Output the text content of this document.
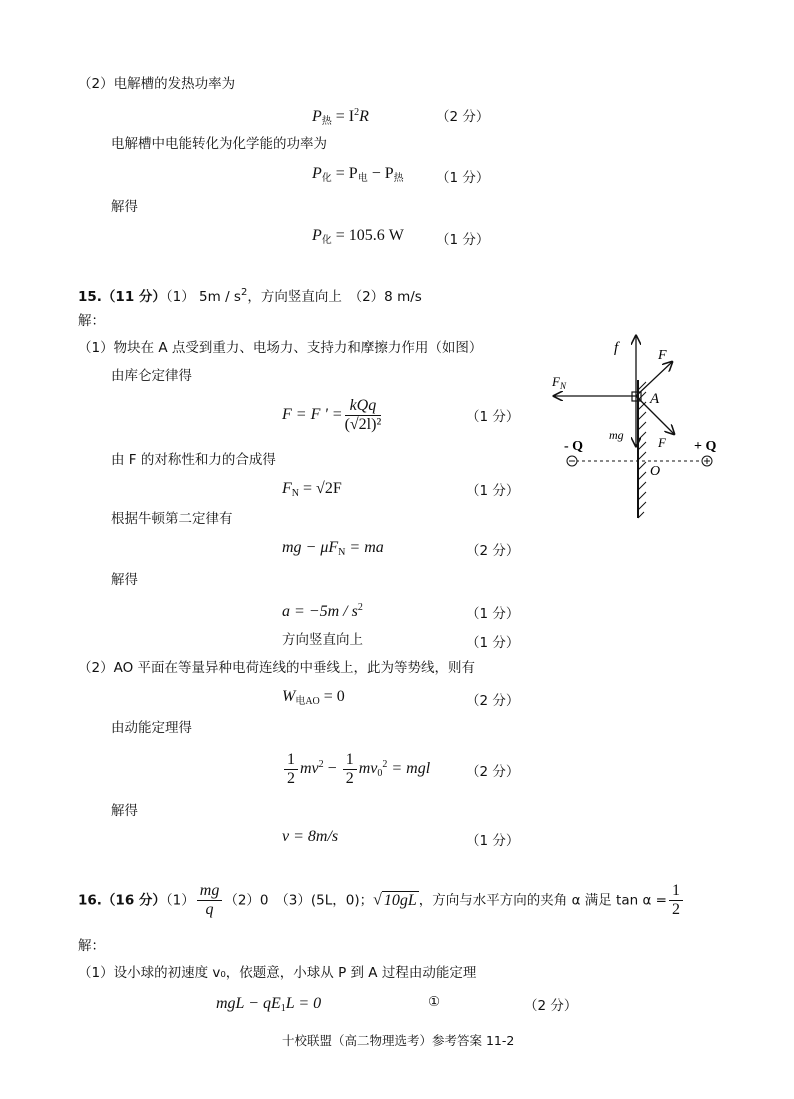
（2）电解槽的发热功率为
$P_热 = I^2R$	（2 分）
电解槽中电能转化为化学能的功率为
$P_化 = P_电 - P_热$ （1 分）
解得
$P_化 = 105.6$ W （1 分）
15.（11 分）（1） $5m / s^2$，方向竖直向上　（2）8 m/s
解：
（1）物块在 A 点受到重力、电场力、支持力和摩擦力作用（如图）
由库仑定律得
F = F ' = $\frac{\text{kQq}}{\text{(√2l)²}}$	（1 分）
由 F 的对称性和力的合成得
$F_N = √2F$	（1 分）
根据牛顿第二定律有
mg − $\mu F_N$ = ma	（2 分）
解得
$a = -5m / s^2$	（1 分）
方向竖直向上	（1 分）
（2）AO 平面在等量异种电荷连线的中垂线上，此为等势线，则有
$W_{电AO} = 0$	（2 分）
由动能定理得
$\frac{1}{2} mv^2 - \frac{1}{2} mv_0^2$ = mgl	（2 分）
解得
v = 8m/s	（1 分）
f	F
$F_N$
A
mg	F
- Q	+ Q
O
16.（16 分）$(1) \frac{mg}{q} (2)0$　 （3）(5L，0)；√ 10gL ，方向与水平方向的夹角 α 满足 $\tan \alpha = \frac{1}{2}$
解：
（1）设小球的初速度 v₀，依题意，小球从 P 到 A 过程由动能定理
mgL − $qE_1L = 0$	①	（2 分）
十校联盟（高二物理选考）参考答案 11-2
